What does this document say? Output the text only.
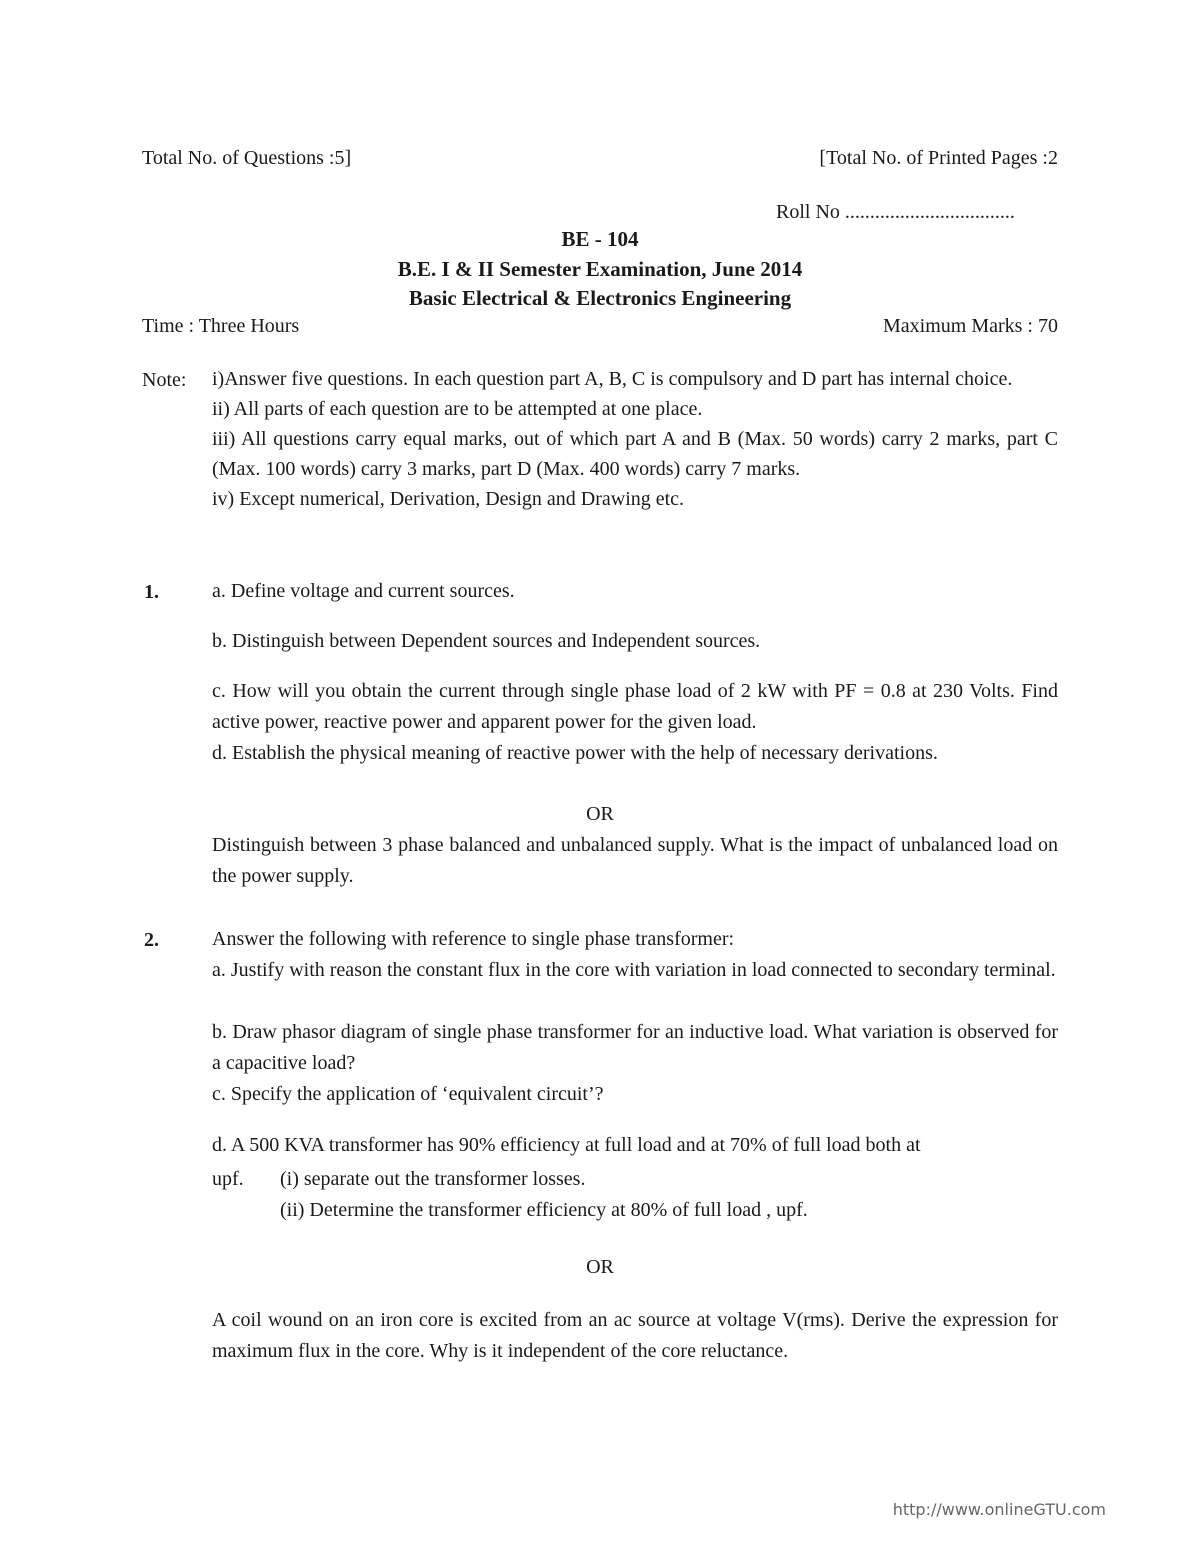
Total No. of Questions :5]	[Total No. of Printed Pages :2
Roll No ..................................
BE - 104
B.E. I & II Semester Examination, June 2014
Basic Electrical & Electronics Engineering
Time : Three Hours	Maximum Marks : 70
Note: i)Answer five questions. In each question part A, B, C is compulsory and D part has internal choice.

ii) All parts of each question are to be attempted at one place.

iii) All questions carry equal marks, out of which part A and B (Max. 50 words) carry 2 marks, part C (Max. 100 words) carry 3 marks, part D (Max. 400 words) carry 7 marks.

iv) Except numerical, Derivation, Design and Drawing etc.

1.	a. Define voltage and current sources.
b. Distinguish between Dependent sources and Independent sources.
c. How will you obtain the current through single phase load of 2 kW with PF = 0.8 at 230 Volts. Find active power, reactive power and apparent power for the given load.
d. Establish the physical meaning of reactive power with the help of necessary derivations.
OR
Distinguish between 3 phase balanced and unbalanced supply. What is the impact of unbalanced load on the power supply.
2.	Answer the following with reference to single phase transformer:
a. Justify with reason the constant flux in the core with variation in load connected to secondary terminal.
b. Draw phasor diagram of single phase transformer for an inductive load. What variation is observed for a capacitive load?
c. Specify the application of ‘equivalent circuit’?
d. A 500 KVA transformer has 90% efficiency at full load and at 70% of full load both at
upf. (i) separate out the transformer losses.
(ii) Determine the transformer efficiency at 80% of full load , upf.
OR
A coil wound on an iron core is excited from an ac source at voltage V(rms). Derive the expression for maximum flux in the core. Why is it independent of the core reluctance.
http://www.onlineGTU.com
